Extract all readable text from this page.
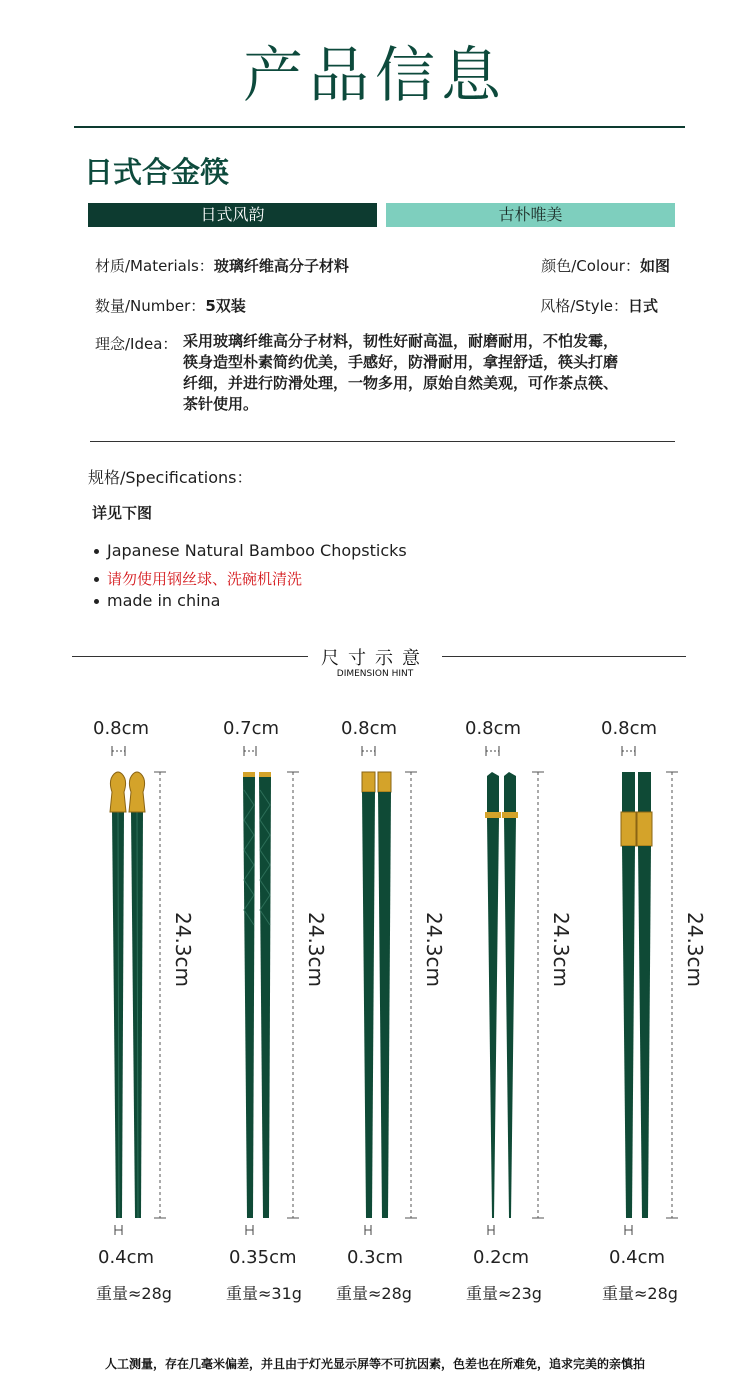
产品信息
日式合金筷
日式风韵	古朴唯美
材质/Materials：玻璃纤维高分子材料	颜色/Colour：如图
数量/Number：5双装	风格/Style：日式
理念/Idea： 采用玻璃纤维高分子材料，韧性好耐高温，耐磨耐用，不怕发霉，
筷身造型朴素简约优美，手感好，防滑耐用，拿捏舒适，筷头打磨
纤细，并进行防滑处理，一物多用，原始自然美观，可作茶点筷、
茶针使用。
规格/Specifications：
详见下图
Japanese Natural Bamboo Chopsticks
请勿使用钢丝球、洗碗机清洗
made in china
尺寸示意
DIMENSION HINT
0.8cm	0.7cm	0.8cm	0.8cm	0.8cm
24.3cm	24.3cm	24.3cm	24.3cm	24.3cm
0.4cm	0.35cm	0.3cm	0.2cm	0.4cm
重量≈28g	重量≈31g 重量≈28g	重量≈23g	重量≈28g
人工测量，存在几毫米偏差，并且由于灯光显示屏等不可抗因素，色差也在所难免，追求完美的亲慎拍
